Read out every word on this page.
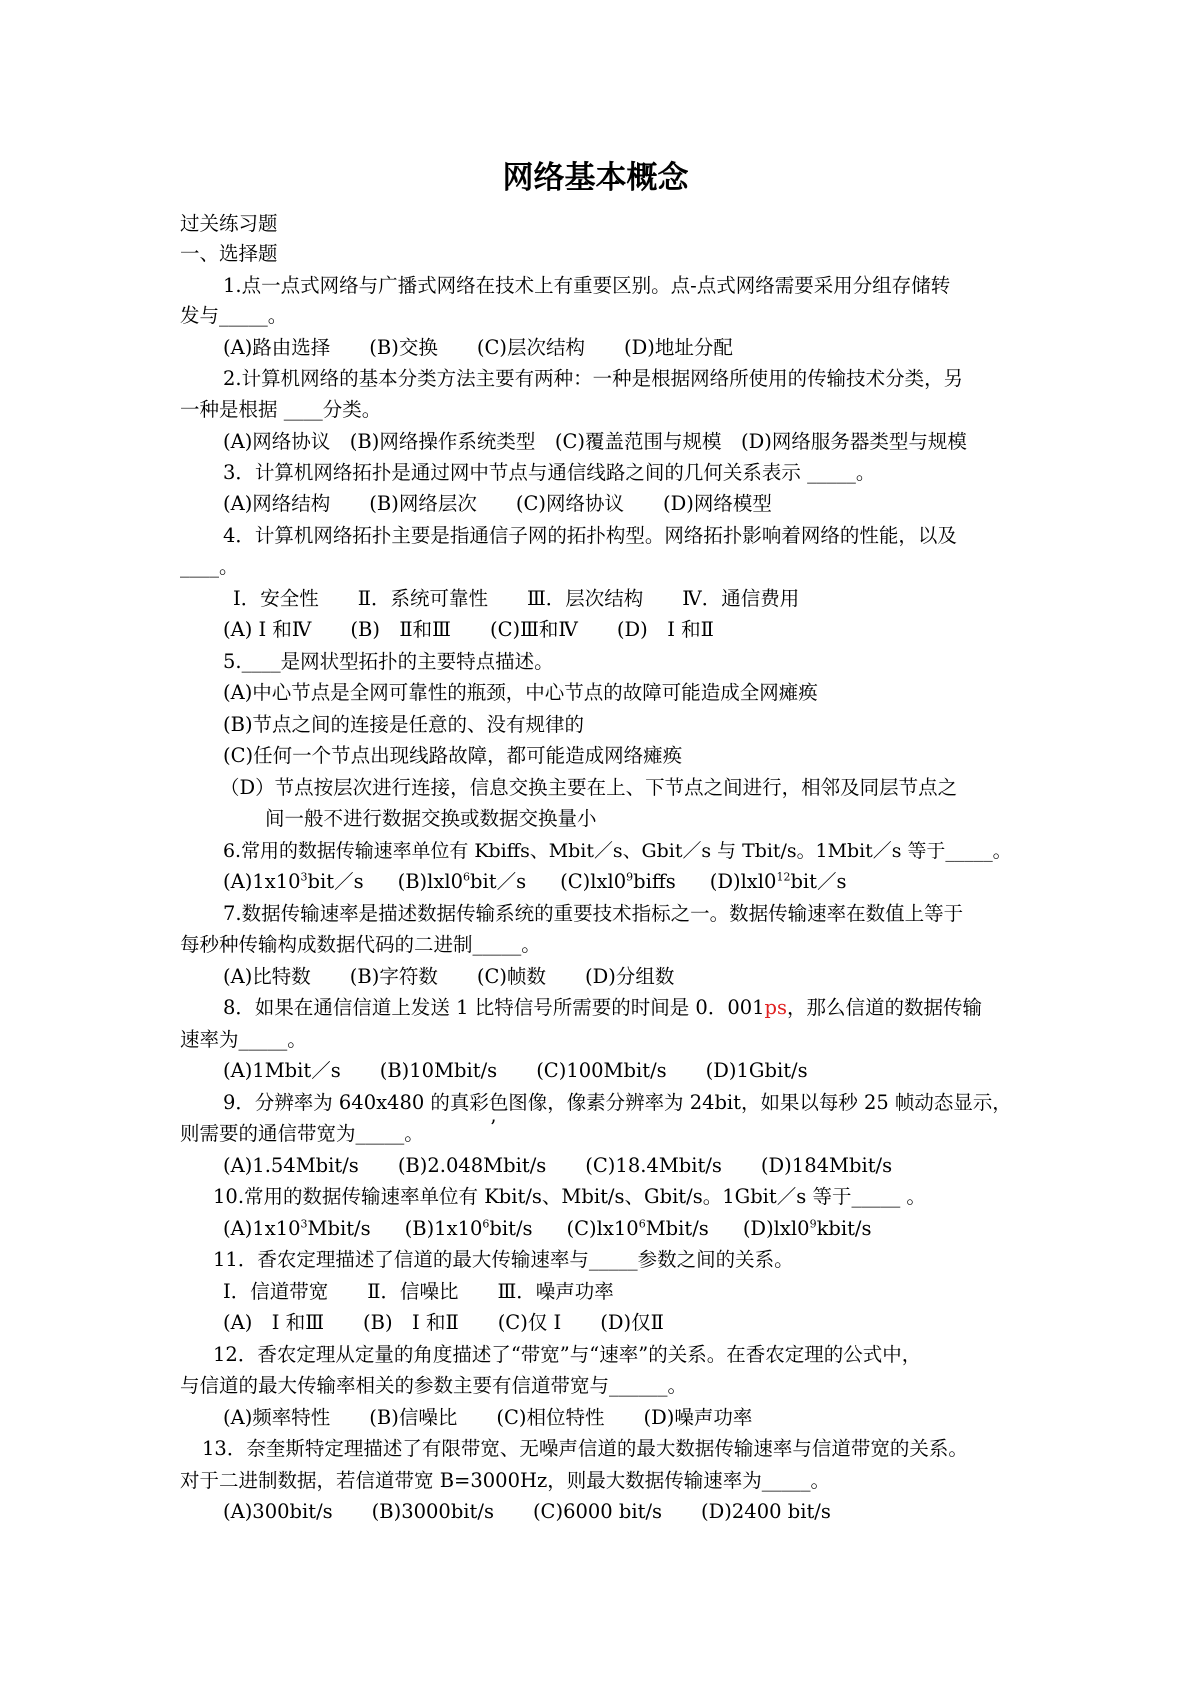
网络基本概念
过关练习题
一、选择题
1.点一点式网络与广播式网络在技术上有重要区别。点-点式网络需要采用分组存储转
发与_____。
(A)路由选择　　(B)交换　　(C)层次结构　　(D)地址分配
2.计算机网络的基本分类方法主要有两种：一种是根据网络所使用的传输技术分类，另
一种是根据 ____分类。
(A)网络协议　(B)网络操作系统类型　(C)覆盖范围与规模　(D)网络服务器类型与规模
3．计算机网络拓扑是通过网中节点与通信线路之间的几何关系表示 _____。
(A)网络结构　　(B)网络层次　　(C)网络协议　　(D)网络模型
4．计算机网络拓扑主要是指通信子网的拓扑构型。网络拓扑影响着网络的性能，以及
____。
I．安全性　　Ⅱ．系统可靠性　　Ⅲ．层次结构　　Ⅳ．通信费用
(A) I 和Ⅳ　　(B)　Ⅱ和Ⅲ　　(C)Ⅲ和Ⅳ　　(D)　I 和Ⅱ
5.____是网状型拓扑的主要特点描述。
(A)中心节点是全网可靠性的瓶颈，中心节点的故障可能造成全网瘫痪
(B)节点之间的连接是任意的、没有规律的
(C)任何一个节点出现线路故障，都可能造成网络瘫痪
（D）节点按层次进行连接，信息交换主要在上、下节点之间进行，相邻及同层节点之
间一般不进行数据交换或数据交换量小
6.常用的数据传输速率单位有 Kbiffs、Mbit／s、Gbit／s 与 Tbit/s。1Mbit／s 等于_____。
$(A)1x10^3bit/s$ $(B)lxl0^6bit/s$ $(C)lxl0^9biffs$ $(D)lxl0^{12}bit/s$
7.数据传输速率是描述数据传输系统的重要技术指标之一。数据传输速率在数值上等于
每秒种传输构成数据代码的二进制_____。
(A)比特数　　(B)字符数　　(C)帧数　　(D)分组数
8．如果在通信信道上发送 1 比特信号所需要的时间是 0．001ps，那么信道的数据传输
速率为_____。
(A)1Mbit／s　　(B)10Mbit/s　　(C)100Mbit/s　　(D)1Gbit/s
9．分辨率为 640x480 的真彩色图像，像素分辨率为 24bit，如果以每秒 25 帧动态显示，
则需要的通信带宽为_____。	’
(A)1.54Mbit/s　　(B)2.048Mbit/s　　(C)18.4Mbit/s　　(D)184Mbit/s
10.常用的数据传输速率单位有 Kbit/s、Mbit/s、Gbit/s。1Gbit／s 等于_____ 。
$(A)1x10^3Mbit/s$ $(B)1x10^6bit/s$ $(C)lx10^6Mbit/s$ $(D)lxl0^9kbit/s$
11．香农定理描述了信道的最大传输速率与_____参数之间的关系。
I．信道带宽　　Ⅱ．信噪比　　Ⅲ．噪声功率
(A)　I 和Ⅲ　　(B)　I 和Ⅱ　　(C)仅 I　　(D)仅Ⅱ
12．香农定理从定量的角度描述了“带宽”与“速率”的关系。在香农定理的公式中，
与信道的最大传输率相关的参数主要有信道带宽与______。
(A)频率特性　　(B)信噪比　　(C)相位特性　　(D)噪声功率
13．奈奎斯特定理描述了有限带宽、无噪声信道的最大数据传输速率与信道带宽的关系。
对于二进制数据，若信道带宽 B=3000Hz，则最大数据传输速率为_____。
(A)300bit/s　　(B)3000bit/s　　(C)6000 bit/s　　(D)2400 bit/s
